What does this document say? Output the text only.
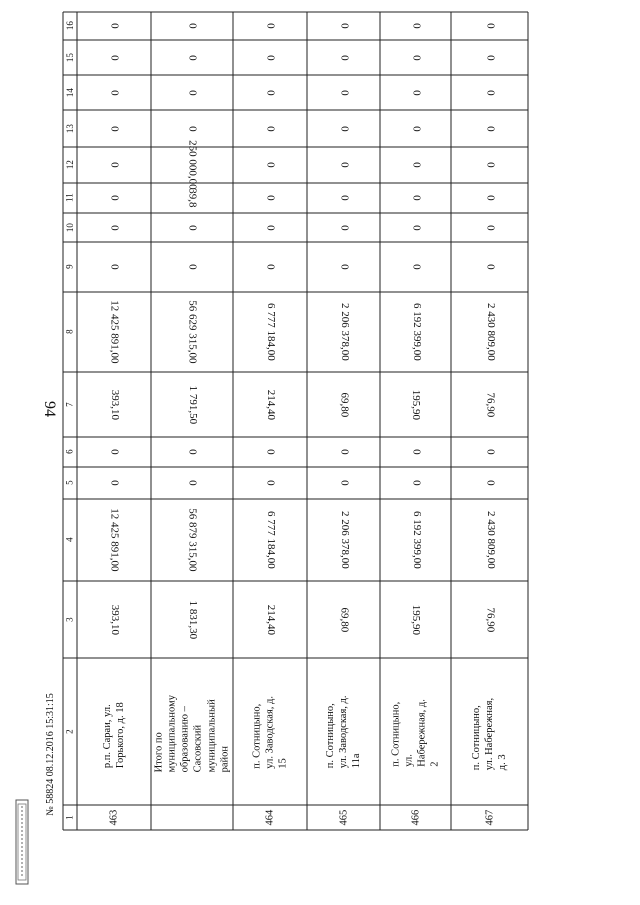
94
16
15
14
13
12
11
10
9
8
7
6
5
4
3
2
1
0
0
0
0
0
0
0
0
12 425 891,00
393,10
0
0
12 425 891,00
393,10
р.п. Сараи, ул. Горького, д. 18
463
0
0
0
0
250 000,00
39,8
0
0
56 629 315,00
1 791,50
0
0
56 879 315,00
1 831,30
Итого по муниципальному образованию – Сасовский муниципальный район
0
0
0
0
0
0
0
0
6 777 184,00
214,40
0
0
6 777 184,00
214,40
п. Сотницыно, ул. Заводская, д. 15
464
0
0
0
0
0
0
0
0
2 206 378,00
69,80
0
0
2 206 378,00
69,80
п. Сотницыно, ул. Заводская, д. 11а
465
0
0
0
0
0
0
0
0
6 192 399,00
195,90
0
0
6 192 399,00
195,90
п. Сотницыно, ул. Набережная, д. 2
466
0
0
0
0
0
0
0
0
2 430 809,00
76,90
0
0
2 430 809,00
76,90
п. Сотницыно, ул. Набережная, д. 3
467
№ 58824 08.12.2016 15:31:15
